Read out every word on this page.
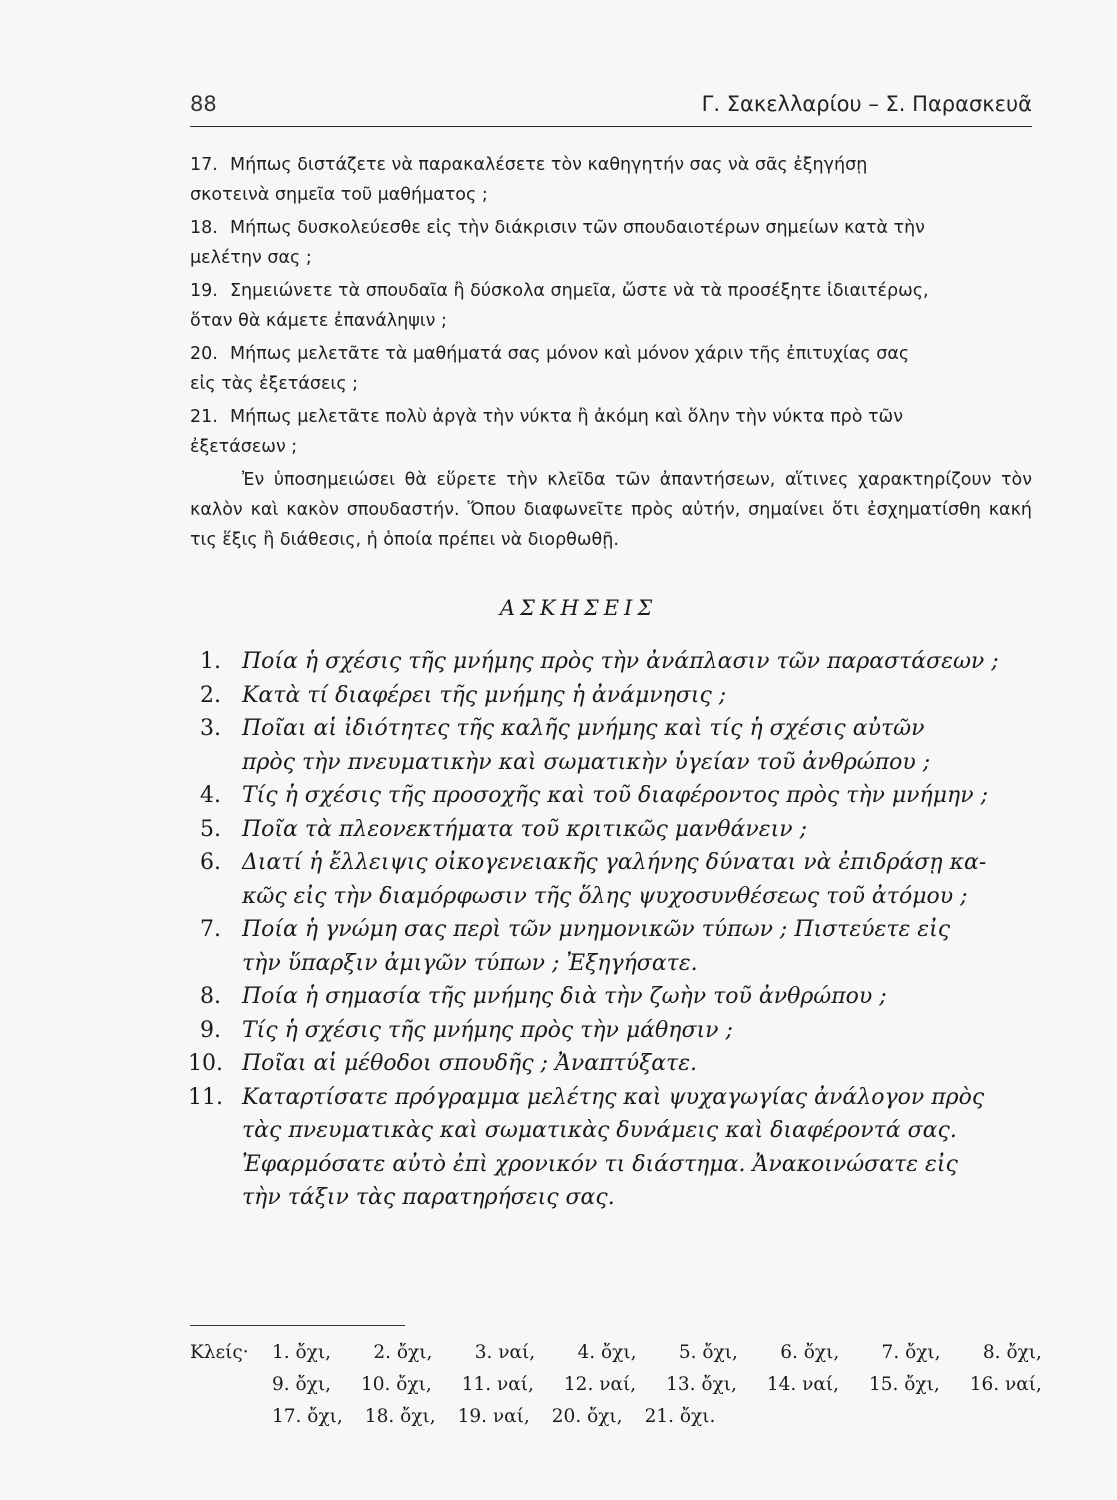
88	Γ. Σακελλαρίου – Σ. Παρασκευᾶ
17. Μήπως διστάζετε νὰ παρακαλέσετε τὸν καθηγητήν σας νὰ σᾶς ἐξηγήσῃ
σκοτεινὰ σημεῖα τοῦ μαθήματος ;
18. Μήπως δυσκολεύεσθε εἰς τὴν διάκρισιν τῶν σπουδαιοτέρων σημείων κατὰ τὴν
μελέτην σας ;
19. Σημειώνετε τὰ σπουδαῖα ἢ δύσκολα σημεῖα, ὥστε νὰ τὰ προσέξητε ἰδιαιτέρως,
ὅταν θὰ κάμετε ἐπανάληψιν ;
20. Μήπως μελετᾶτε τὰ μαθήματά σας μόνον καὶ μόνον χάριν τῆς ἐπιτυχίας σας
εἰς τὰς ἐξετάσεις ;
21. Μήπως μελετᾶτε πολὺ ἀργὰ τὴν νύκτα ἢ ἀκόμη καὶ ὅλην τὴν νύκτα πρὸ τῶν
ἐξετάσεων ;
Ἐν ὑποσημειώσει θὰ εὕρετε τὴν κλεῖδα τῶν ἀπαντήσεων, αἵτινες χαρακτηρίζουν τὸν καλὸν καὶ κακὸν σπουδαστήν. Ὅπου διαφωνεῖτε πρὸς αὐτήν, σημαίνει ὅτι ἐσχηματίσθη κακή τις ἕξις ἢ διάθεσις, ἡ ὁποία πρέπει νὰ διορθωθῇ.
ΑΣΚΗΣΕΙΣ
1. Ποία ἡ σχέσις τῆς μνήμης πρὸς τὴν ἀνάπλασιν τῶν παραστάσεων ;
2. Κατὰ τί διαφέρει τῆς μνήμης ἡ ἀνάμνησις ;
3. Ποῖαι αἱ ἰδιότητες τῆς καλῆς μνήμης καὶ τίς ἡ σχέσις αὐτῶν
πρὸς τὴν πνευματικὴν καὶ σωματικὴν ὑγείαν τοῦ ἀνθρώπου ;
4. Τίς ἡ σχέσις τῆς προσοχῆς καὶ τοῦ διαφέροντος πρὸς τὴν μνήμην ;
5. Ποῖα τὰ πλεονεκτήματα τοῦ κριτικῶς μανθάνειν ;
6. Διατί ἡ ἔλλειψις οἰκογενειακῆς γαλήνης δύναται νὰ ἐπιδράσῃ κα-
κῶς εἰς τὴν διαμόρφωσιν τῆς ὅλης ψυχοσυνθέσεως τοῦ ἀτόμου ;
7. Ποία ἡ γνώμη σας περὶ τῶν μνημονικῶν τύπων ; Πιστεύετε εἰς
τὴν ὕπαρξιν ἀμιγῶν τύπων ; Ἐξηγήσατε.
8. Ποία ἡ σημασία τῆς μνήμης διὰ τὴν ζωὴν τοῦ ἀνθρώπου ;
9. Τίς ἡ σχέσις τῆς μνήμης πρὸς τὴν μάθησιν ;
10. Ποῖαι αἱ μέθοδοι σπουδῆς ; Ἀναπτύξατε.
11. Καταρτίσατε πρόγραμμα μελέτης καὶ ψυχαγωγίας ἀνάλογον πρὸς
τὰς πνευματικὰς καὶ σωματικὰς δυνάμεις καὶ διαφέροντά σας.
Ἐφαρμόσατε αὐτὸ ἐπὶ χρονικόν τι διάστημα. Ἀνακοινώσατε εἰς
τὴν τάξιν τὰς παρατηρήσεις σας.
Κλείς· 1. ὄχι, 2. ὄχι, 3. ναί, 4. ὄχι, 5. ὄχι, 6. ὄχι, 7. ὄχι, 8. ὄχι,
9. ὄχι, 10. ὄχι, 11. ναί, 12. ναί, 13. ὄχι, 14. ναί, 15. ὄχι, 16. ναί,
17. ὄχι, 18. ὄχι, 19. ναί, 20. ὄχι, 21. ὄχι.
